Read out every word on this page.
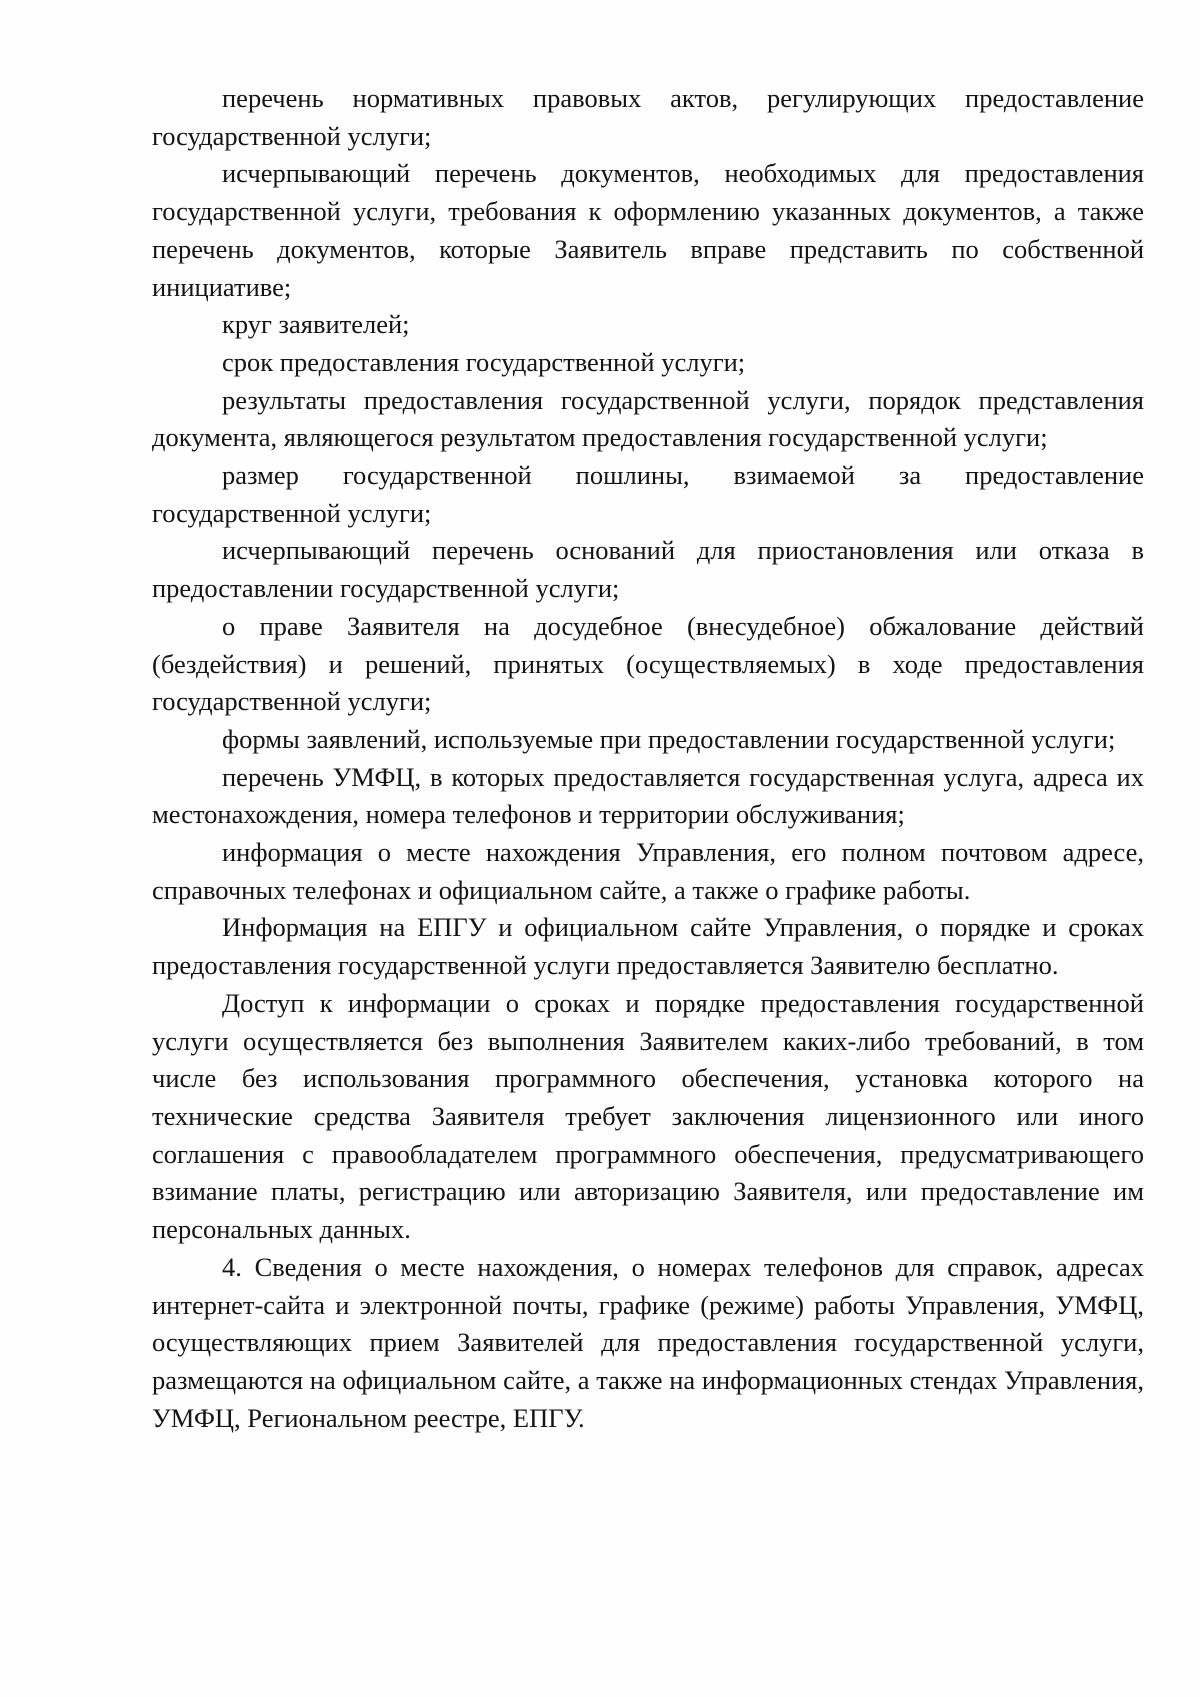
перечень нормативных правовых актов, регулирующих предоставление государственной услуги;

исчерпывающий перечень документов, необходимых для предоставления государственной услуги, требования к оформлению указанных документов, а также перечень документов, которые Заявитель вправе представить по собственной инициативе;

круг заявителей;

срок предоставления государственной услуги;

результаты предоставления государственной услуги, порядок представления документа, являющегося результатом предоставления государственной услуги;

размер государственной пошлины, взимаемой за предоставление государственной услуги;

исчерпывающий перечень оснований для приостановления или отказа в предоставлении государственной услуги;

о праве Заявителя на досудебное (внесудебное) обжалование действий (бездействия) и решений, принятых (осуществляемых) в ходе предоставления государственной услуги;

формы заявлений, используемые при предоставлении государственной услуги;

перечень УМФЦ, в которых предоставляется государственная услуга, адреса их местонахождения, номера телефонов и территории обслуживания;

информация о месте нахождения Управления, его полном почтовом адресе, справочных телефонах и официальном сайте, а также о графике работы.

Информация на ЕПГУ и официальном сайте Управления, о порядке и сроках предоставления государственной услуги предоставляется Заявителю бесплатно.

Доступ к информации о сроках и порядке предоставления государственной услуги осуществляется без выполнения Заявителем каких-либо требований, в том числе без использования программного обеспечения, установка которого на технические средства Заявителя требует заключения лицензионного или иного соглашения с правообладателем программного обеспечения, предусматривающего взимание платы, регистрацию или авторизацию Заявителя, или предоставление им персональных данных.

4. Сведения о месте нахождения, о номерах телефонов для справок, адресах интернет-сайта и электронной почты, графике (режиме) работы Управления, УМФЦ, осуществляющих прием Заявителей для предоставления государственной услуги, размещаются на официальном сайте, а также на информационных стендах Управления, УМФЦ, Региональном реестре, ЕПГУ.
